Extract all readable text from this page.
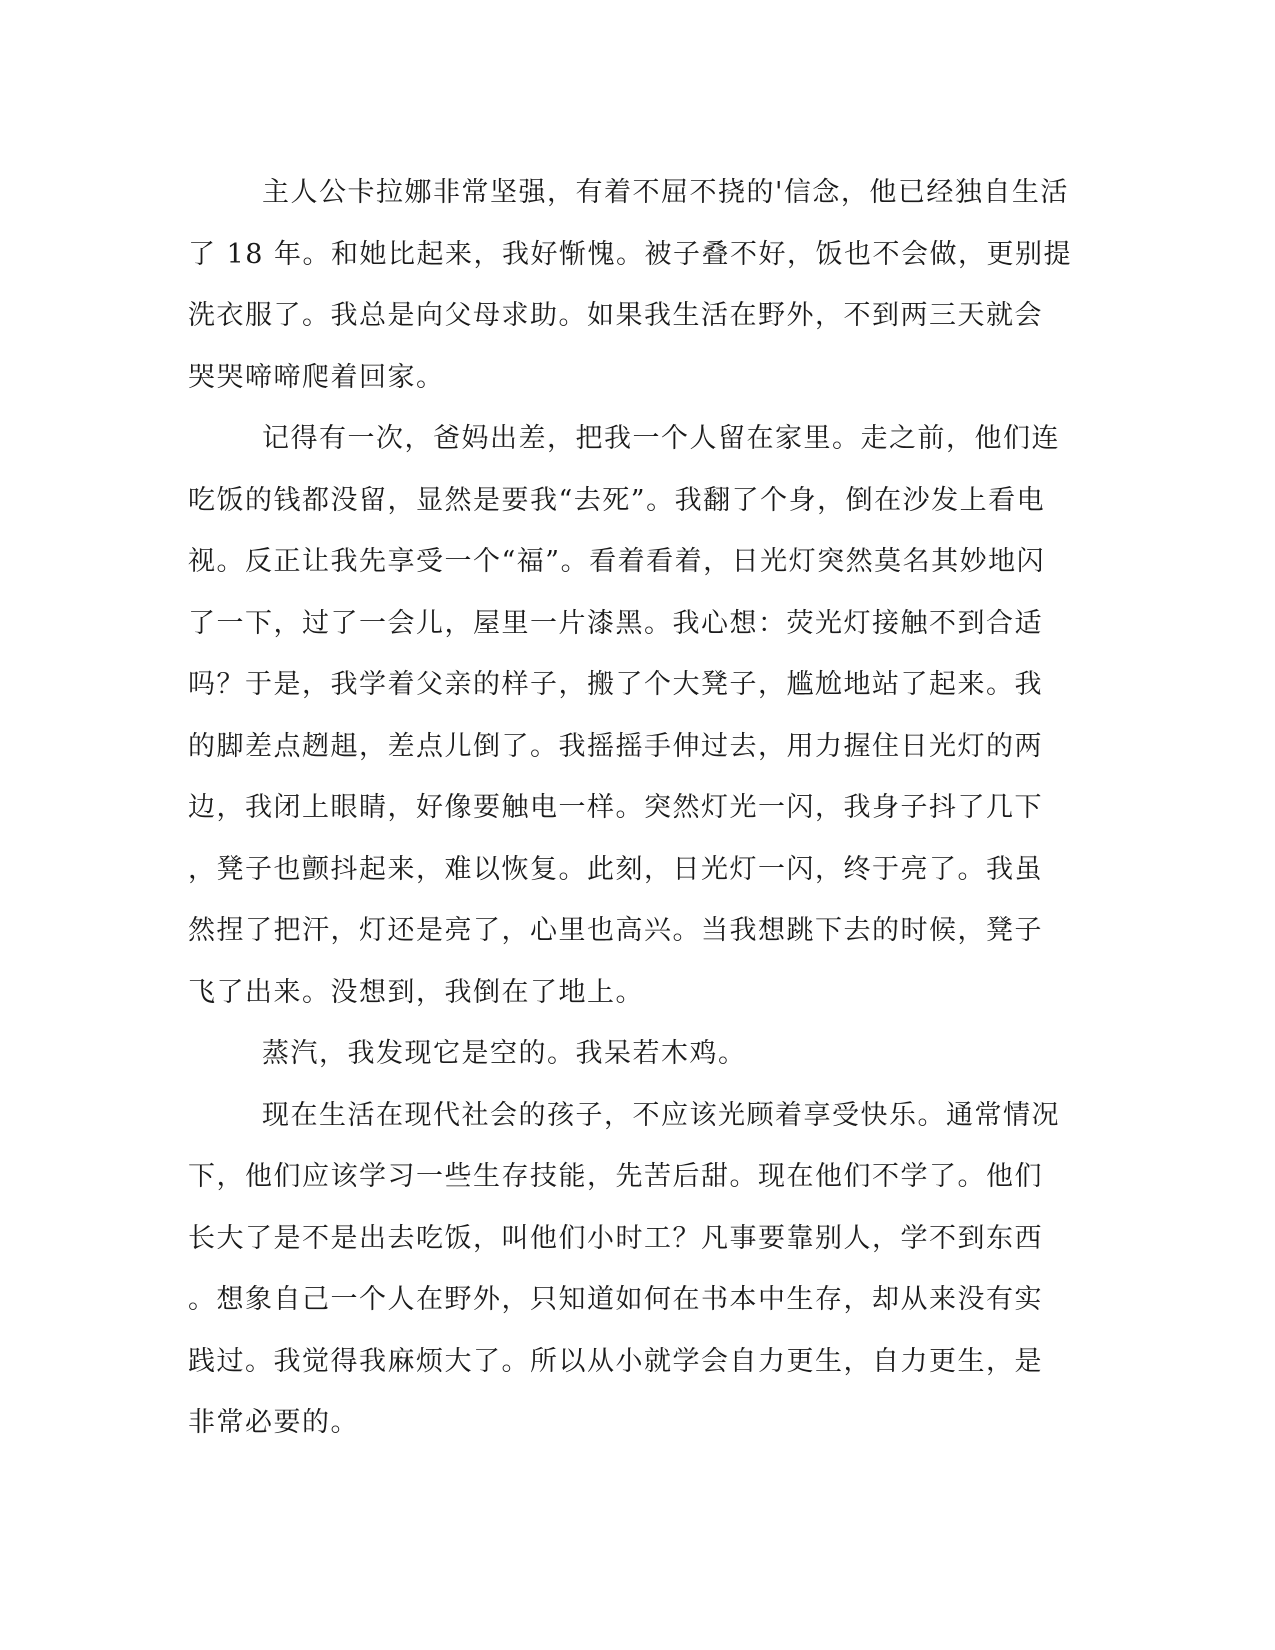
主人公卡拉娜非常坚强，有着不屈不挠的'信念，他已经独自生活
了 18 年。和她比起来，我好惭愧。被子叠不好，饭也不会做，更别提
洗衣服了。我总是向父母求助。如果我生活在野外，不到两三天就会
哭哭啼啼爬着回家。
记得有一次，爸妈出差，把我一个人留在家里。走之前，他们连
吃饭的钱都没留，显然是要我“去死”。我翻了个身，倒在沙发上看电
视。反正让我先享受一个“福”。看着看着，日光灯突然莫名其妙地闪
了一下，过了一会儿，屋里一片漆黑。我心想：荧光灯接触不到合适
吗？于是，我学着父亲的样子，搬了个大凳子，尴尬地站了起来。我
的脚差点趔趄，差点儿倒了。我摇摇手伸过去，用力握住日光灯的两
边，我闭上眼睛，好像要触电一样。突然灯光一闪，我身子抖了几下
，凳子也颤抖起来，难以恢复。此刻，日光灯一闪，终于亮了。我虽
然捏了把汗，灯还是亮了，心里也高兴。当我想跳下去的时候，凳子
飞了出来。没想到，我倒在了地上。
蒸汽，我发现它是空的。我呆若木鸡。
现在生活在现代社会的孩子，不应该光顾着享受快乐。通常情况
下，他们应该学习一些生存技能，先苦后甜。现在他们不学了。他们
长大了是不是出去吃饭，叫他们小时工？凡事要靠别人，学不到东西
。想象自己一个人在野外，只知道如何在书本中生存，却从来没有实
践过。我觉得我麻烦大了。所以从小就学会自力更生，自力更生，是
非常必要的。
